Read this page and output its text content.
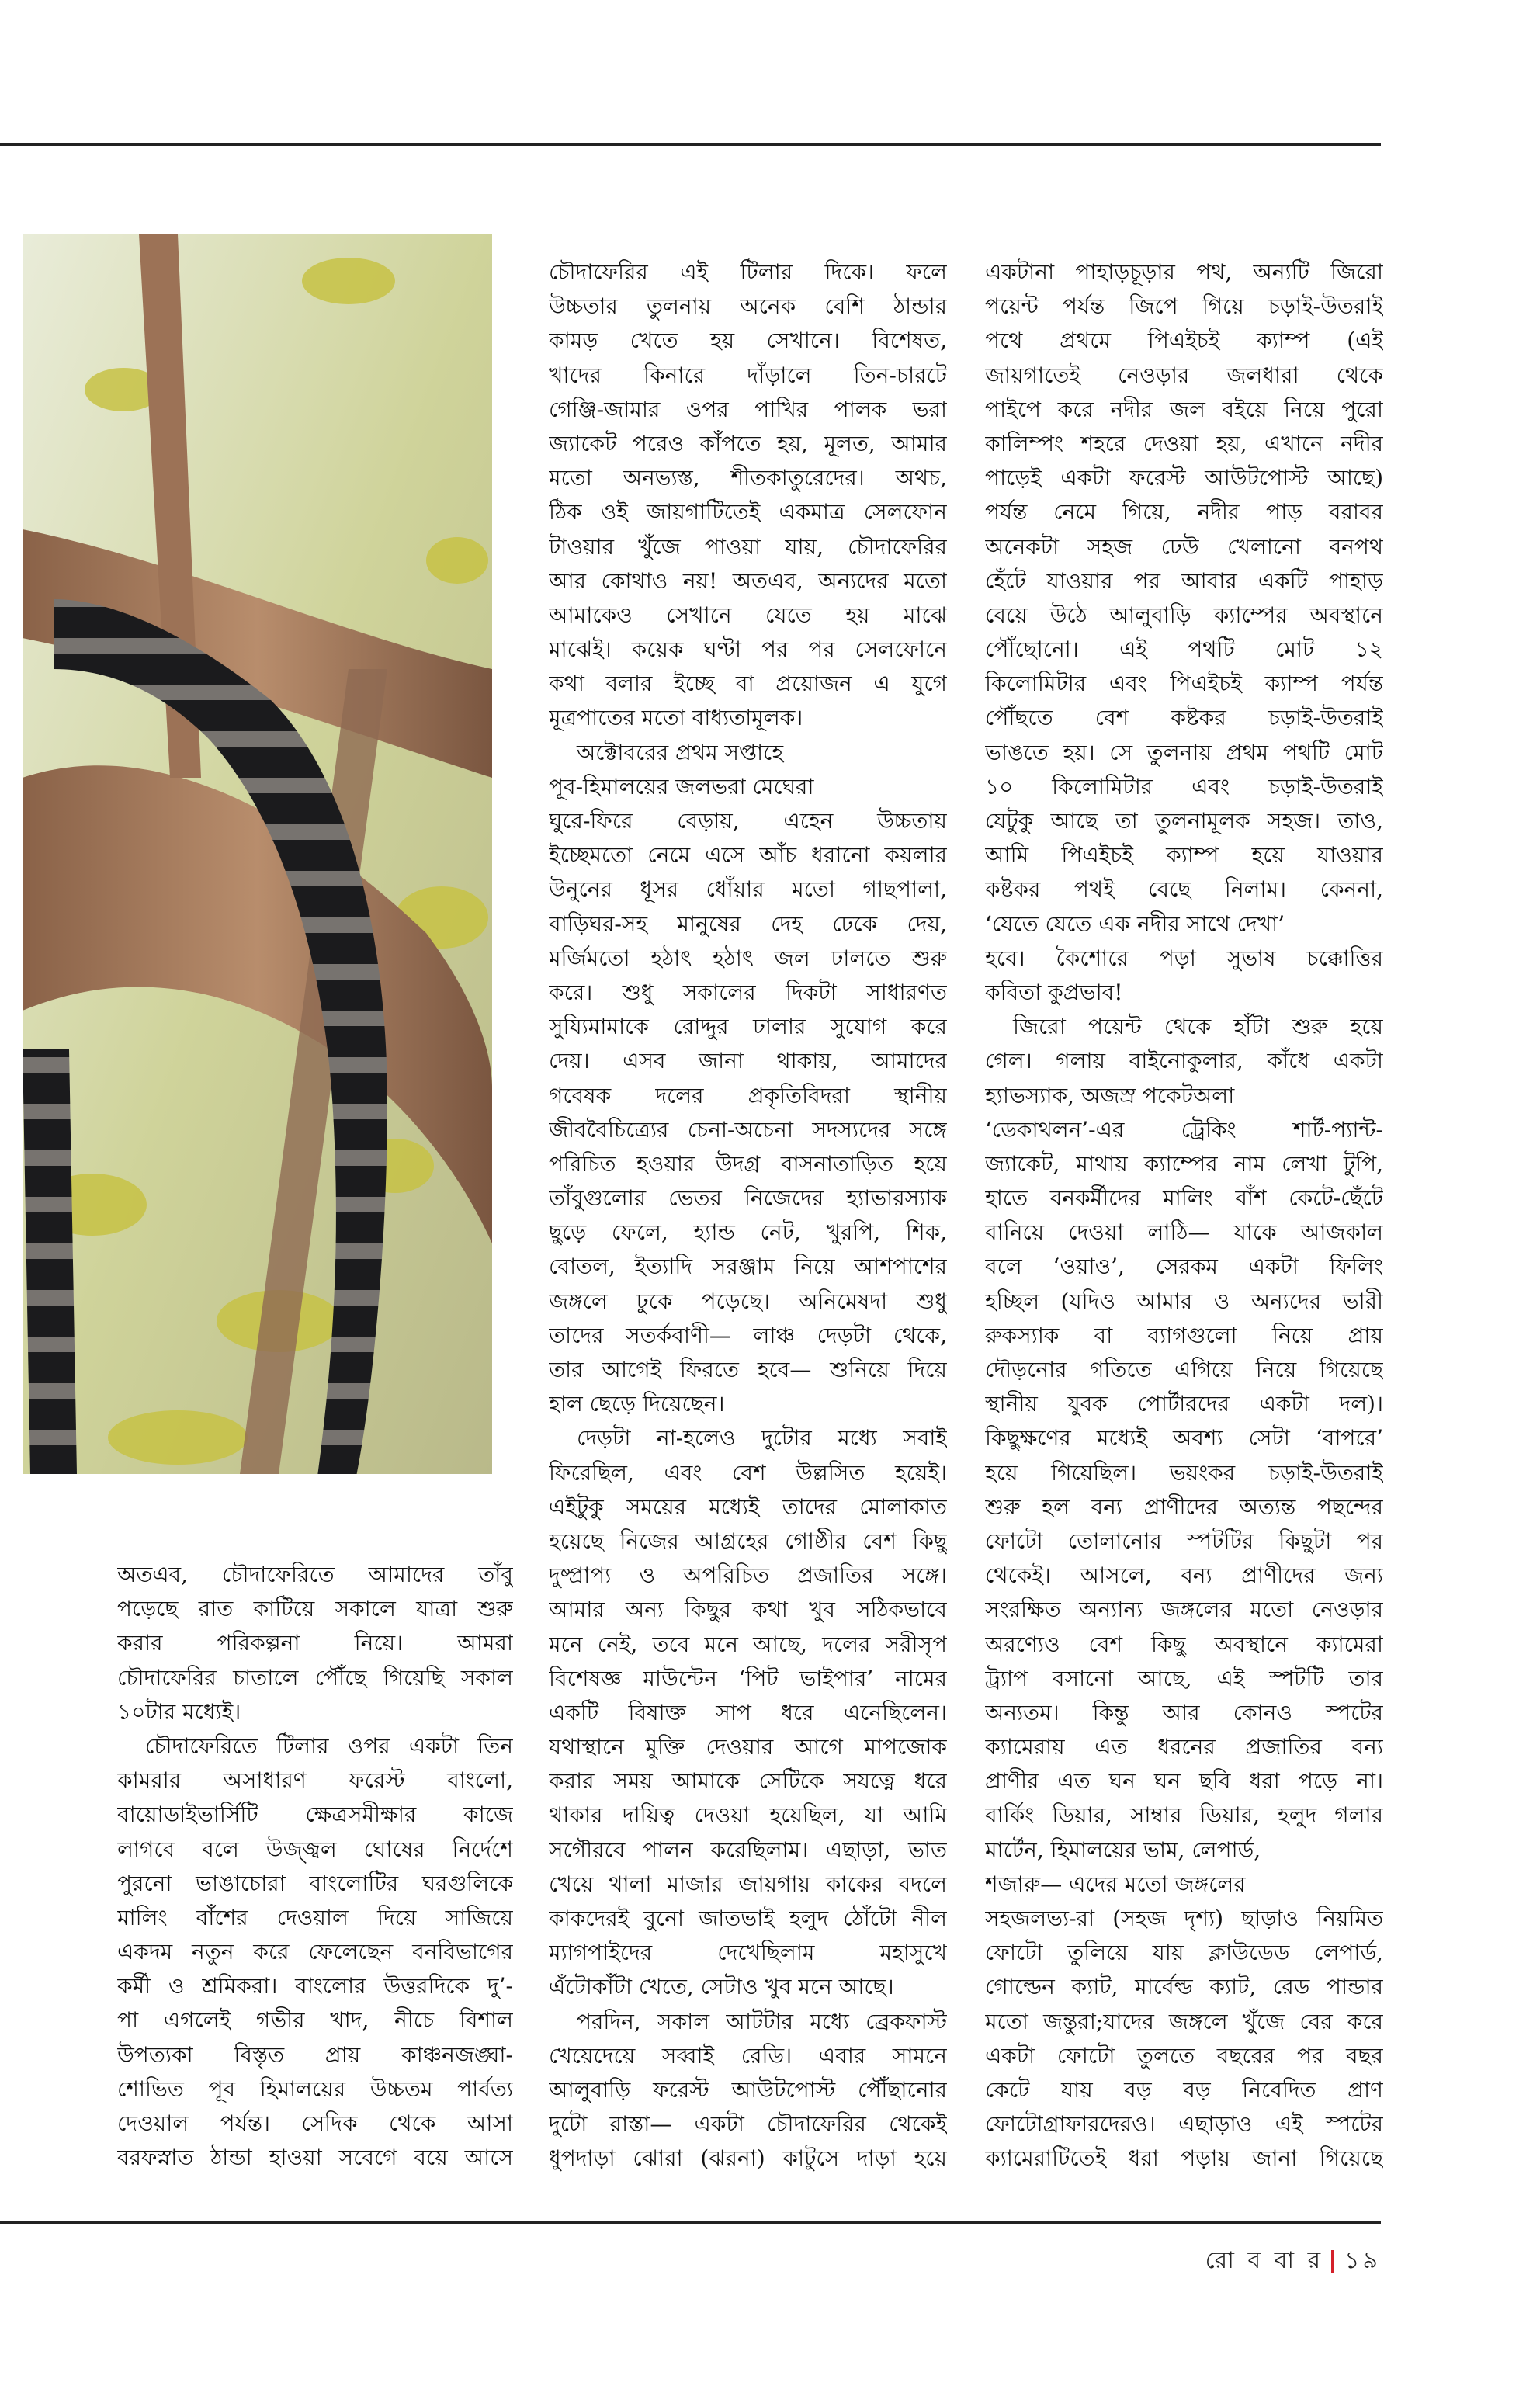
অতএব, চৌদাফেরিতে আমাদের তাঁবু
পড়েছে রাত কাটিয়ে সকালে যাত্রা শুরু
করার পরিকল্পনা নিয়ে। আমরা
চৌদাফেরির চাতালে পৌঁছে গিয়েছি সকাল
১০টার মধ্যেই।
চৌদাফেরিতে টিলার ওপর একটা তিন
কামরার অসাধারণ ফরেস্ট বাংলো,
বায়োডাইভার্সিটি ক্ষেত্রসমীক্ষার কাজে
লাগবে বলে উজ্জ্বল ঘোষের নির্দেশে
পুরনো ভাঙাচোরা বাংলোটির ঘরগুলিকে
মালিং বাঁশের দেওয়াল দিয়ে সাজিয়ে
একদম নতুন করে ফেলেছেন বনবিভাগের
কর্মী ও শ্রমিকরা। বাংলোর উত্তরদিকে দু’-
পা এগলেই গভীর খাদ, নীচে বিশাল
উপত্যকা বিস্তৃত প্রায় কাঞ্চনজঙ্ঘা-
শোভিত পূব হিমালয়ের উচ্চতম পার্বত্য
দেওয়াল পর্যন্ত। সেদিক থেকে আসা
বরফস্নাত ঠান্ডা হাওয়া সবেগে বয়ে আসে
চৌদাফেরির এই টিলার দিকে। ফলে
উচ্চতার তুলনায় অনেক বেশি ঠান্ডার
কামড় খেতে হয় সেখানে। বিশেষত,
খাদের কিনারে দাঁড়ালে তিন-চারটে
গেঞ্জি-জামার ওপর পাখির পালক ভরা
জ্যাকেট পরেও কাঁপতে হয়, মূলত, আমার
মতো অনভ্যস্ত, শীতকাতুরেদের। অথচ,
ঠিক ওই জায়গাটিতেই একমাত্র সেলফোন
টাওয়ার খুঁজে পাওয়া যায়, চৌদাফেরির
আর কোথাও নয়! অতএব, অন্যদের মতো
আমাকেও সেখানে যেতে হয় মাঝে
মাঝেই। কয়েক ঘণ্টা পর পর সেলফোনে
কথা বলার ইচ্ছে বা প্রয়োজন এ যুগে
মূত্রপাতের মতো বাধ্যতামূলক।
অক্টোবরের প্রথম সপ্তাহে
পূব-হিমালয়ের জলভরা মেঘেরা
ঘুরে-ফিরে বেড়ায়, এহেন উচ্চতায়
ইচ্ছেমতো নেমে এসে আঁচ ধরানো কয়লার
উনুনের ধূসর ধোঁয়ার মতো গাছপালা,
বাড়িঘর-সহ মানুষের দেহ ঢেকে দেয়,
মর্জিমতো হঠাৎ হঠাৎ জল ঢালতে শুরু
করে। শুধু সকালের দিকটা সাধারণত
সুয্যিমামাকে রোদ্দুর ঢালার সুযোগ করে
দেয়। এসব জানা থাকায়, আমাদের
গবেষক দলের প্রকৃতিবিদরা স্থানীয়
জীববৈচিত্র্যের চেনা-অচেনা সদস্যদের সঙ্গে
পরিচিত হওয়ার উদগ্র বাসনাতাড়িত হয়ে
তাঁবুগুলোর ভেতর নিজেদের হ্যাভারস্যাক
ছুড়ে ফেলে, হ্যান্ড নেট, খুরপি, শিক,
বোতল, ইত্যাদি সরঞ্জাম নিয়ে আশপাশের
জঙ্গলে ঢুকে পড়েছে। অনিমেষদা শুধু
তাদের সতর্কবাণী— লাঞ্চ দেড়টা থেকে,
তার আগেই ফিরতে হবে— শুনিয়ে দিয়ে
হাল ছেড়ে দিয়েছেন।
দেড়টা না-হলেও দুটোর মধ্যে সবাই
ফিরেছিল, এবং বেশ উল্লসিত হয়েই।
এইটুকু সময়ের মধ্যেই তাদের মোলাকাত
হয়েছে নিজের আগ্রহের গোষ্ঠীর বেশ কিছু
দুষ্প্রাপ্য ও অপরিচিত প্রজাতির সঙ্গে।
আমার অন্য কিছুর কথা খুব সঠিকভাবে
মনে নেই, তবে মনে আছে, দলের সরীসৃপ
বিশেষজ্ঞ মাউন্টেন ‘পিট ভাইপার’ নামের
একটি বিষাক্ত সাপ ধরে এনেছিলেন।
যথাস্থানে মুক্তি দেওয়ার আগে মাপজোক
করার সময় আমাকে সেটিকে সযত্নে ধরে
থাকার দায়িত্ব দেওয়া হয়েছিল, যা আমি
সগৌরবে পালন করেছিলাম। এছাড়া, ভাত
খেয়ে থালা মাজার জায়গায় কাকের বদলে
কাকদেরই বুনো জাতভাই হলুদ ঠোঁটো নীল
ম্যাগপাইদের দেখেছিলাম মহাসুখে
এঁটোকাঁটা খেতে, সেটাও খুব মনে আছে।
পরদিন, সকাল আটটার মধ্যে ব্রেকফাস্ট
খেয়েদেয়ে সব্বাই রেডি। এবার সামনে
আলুবাড়ি ফরেস্ট আউটপোস্ট পৌঁছানোর
দুটো রাস্তা— একটা চৌদাফেরির থেকেই
ধুপদাড়া ঝোরা (ঝরনা) কাটুসে দাড়া হয়ে
একটানা পাহাড়চূড়ার পথ, অন্যটি জিরো
পয়েন্ট পর্যন্ত জিপে গিয়ে চড়াই-উতরাই
পথে প্রথমে পিএইচই ক্যাম্প (এই
জায়গাতেই নেওড়ার জলধারা থেকে
পাইপে করে নদীর জল বইয়ে নিয়ে পুরো
কালিম্পং শহরে দেওয়া হয়, এখানে নদীর
পাড়েই একটা ফরেস্ট আউটপোস্ট আছে)
পর্যন্ত নেমে গিয়ে, নদীর পাড় বরাবর
অনেকটা সহজ ঢেউ খেলানো বনপথ
হেঁটে যাওয়ার পর আবার একটি পাহাড়
বেয়ে উঠে আলুবাড়ি ক্যাম্পের অবস্থানে
পৌঁছোনো। এই পথটি মোট ১২
কিলোমিটার এবং পিএইচই ক্যাম্প পর্যন্ত
পৌঁছতে বেশ কষ্টকর চড়াই-উতরাই
ভাঙতে হয়। সে তুলনায় প্রথম পথটি মোট
১০ কিলোমিটার এবং চড়াই-উতরাই
যেটুকু আছে তা তুলনামূলক সহজ। তাও,
আমি পিএইচই ক্যাম্প হয়ে যাওয়ার
কষ্টকর পথই বেছে নিলাম। কেননা,
‘যেতে যেতে এক নদীর সাথে দেখা’
হবে। কৈশোরে পড়া সুভাষ চক্কোত্তির
কবিতা কুপ্রভাব!
জিরো পয়েন্ট থেকে হাঁটা শুরু হয়ে
গেল। গলায় বাইনোকুলার, কাঁধে একটা
হ্যাভস্যাক, অজস্র পকেটঅলা
‘ডেকাথলন’-এর ট্রেকিং শার্ট-প্যান্ট-
জ্যাকেট, মাথায় ক্যাম্পের নাম লেখা টুপি,
হাতে বনকর্মীদের মালিং বাঁশ কেটে-ছেঁটে
বানিয়ে দেওয়া লাঠি— যাকে আজকাল
বলে ‘ওয়াও’, সেরকম একটা ফিলিং
হচ্ছিল (যদিও আমার ও অন্যদের ভারী
রুকস্যাক বা ব্যাগগুলো নিয়ে প্রায়
দৌড়নোর গতিতে এগিয়ে নিয়ে গিয়েছে
স্থানীয় যুবক পোর্টারদের একটা দল)।
কিছুক্ষণের মধ্যেই অবশ্য সেটা ‘বাপরে’
হয়ে গিয়েছিল। ভয়ংকর চড়াই-উতরাই
শুরু হল বন্য প্রাণীদের অত্যন্ত পছন্দের
ফোটো তোলানোর স্পটটির কিছুটা পর
থেকেই। আসলে, বন্য প্রাণীদের জন্য
সংরক্ষিত অন্যান্য জঙ্গলের মতো নেওড়ার
অরণ্যেও বেশ কিছু অবস্থানে ক্যামেরা
ট্র্যাপ বসানো আছে, এই স্পটটি তার
অন্যতম। কিন্তু আর কোনও স্পটের
ক্যামেরায় এত ধরনের প্রজাতির বন্য
প্রাণীর এত ঘন ঘন ছবি ধরা পড়ে না।
বার্কিং ডিয়ার, সাম্বার ডিয়ার, হলুদ গলার
মার্টেন, হিমালয়ের ভাম, লেপার্ড,
শজারু— এদের মতো জঙ্গলের
সহজলভ্য-রা (সহজ দৃশ্য) ছাড়াও নিয়মিত
ফোটো তুলিয়ে যায় ক্লাউডেড লেপার্ড,
গোল্ডেন ক্যাট, মার্বেল্ড ক্যাট, রেড পান্ডার
মতো জন্তুরা;যাদের জঙ্গলে খুঁজে বের করে
একটা ফোটো তুলতে বছরের পর বছর
কেটে যায় বড় বড় নিবেদিত প্রাণ
ফোটোগ্রাফারদেরও। এছাড়াও এই স্পটের
ক্যামেরাটিতেই ধরা পড়ায় জানা গিয়েছে
রো ব বা র | ১৯
